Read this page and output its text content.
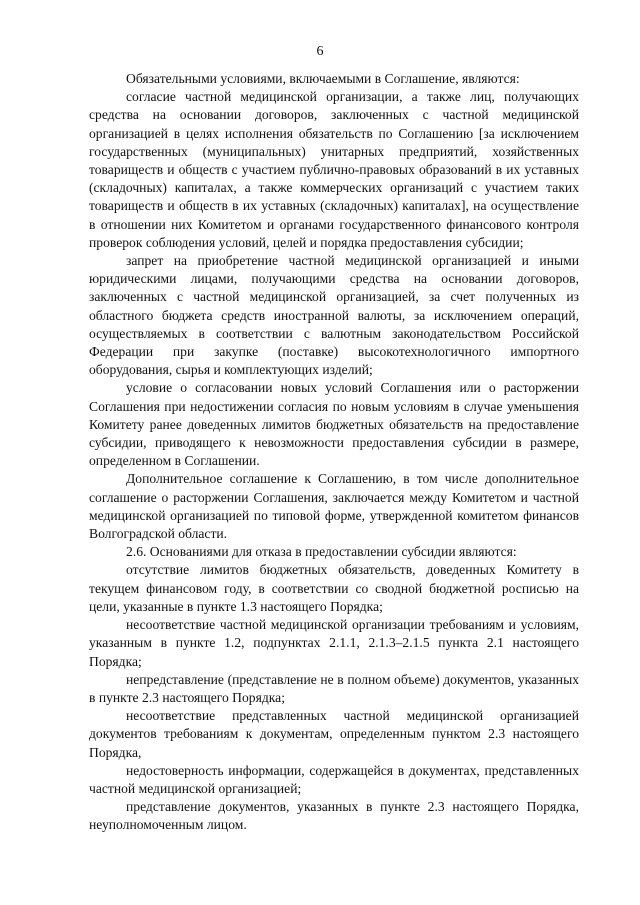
6

Обязательными условиями, включаемыми в Соглашение, являются:

согласие частной медицинской организации, а также лиц, получающих средства на основании договоров, заключенных с частной медицинской организацией в целях исполнения обязательств по Соглашению [за исключением государственных (муниципальных) унитарных предприятий, хозяйственных товариществ и обществ с участием публично-правовых образований в их уставных (складочных) капиталах, а также коммерческих организаций с участием таких товариществ и обществ в их уставных (складочных) капиталах], на осуществление в отношении них Комитетом и органами государственного финансового контроля проверок соблюдения условий, целей и порядка предоставления субсидии;

запрет на приобретение частной медицинской организацией и иными юридическими лицами, получающими средства на основании договоров, заключенных с частной медицинской организацией, за счет полученных из областного бюджета средств иностранной валюты, за исключением операций, осуществляемых в соответствии с валютным законодательством Российской Федерации при закупке (поставке) высокотехнологичного импортного оборудования, сырья и комплектующих изделий;

условие о согласовании новых условий Соглашения или о расторжении Соглашения при недостижении согласия по новым условиям в случае уменьшения Комитету ранее доведенных лимитов бюджетных обязательств на предоставление субсидии, приводящего к невозможности предоставления субсидии в размере, определенном в Соглашении.

Дополнительное соглашение к Соглашению, в том числе дополнительное соглашение о расторжении Соглашения, заключается между Комитетом и частной медицинской организацией по типовой форме, утвержденной комитетом финансов Волгоградской области.

2.6. Основаниями для отказа в предоставлении субсидии являются:

отсутствие лимитов бюджетных обязательств, доведенных Комитету в текущем финансовом году, в соответствии со сводной бюджетной росписью на цели, указанные в пункте 1.3 настоящего Порядка;

несоответствие частной медицинской организации требованиям и условиям, указанным в пункте 1.2, подпунктах 2.1.1, 2.1.3–2.1.5 пункта 2.1 настоящего Порядка;

непредставление (представление не в полном объеме) документов, указанных в пункте 2.3 настоящего Порядка;

несоответствие представленных частной медицинской организацией документов требованиям к документам, определенным пунктом 2.3 настоящего Порядка,

недостоверность информации, содержащейся в документах, представленных частной медицинской организацией;

представление документов, указанных в пункте 2.3 настоящего Порядка, неуполномоченным лицом.
